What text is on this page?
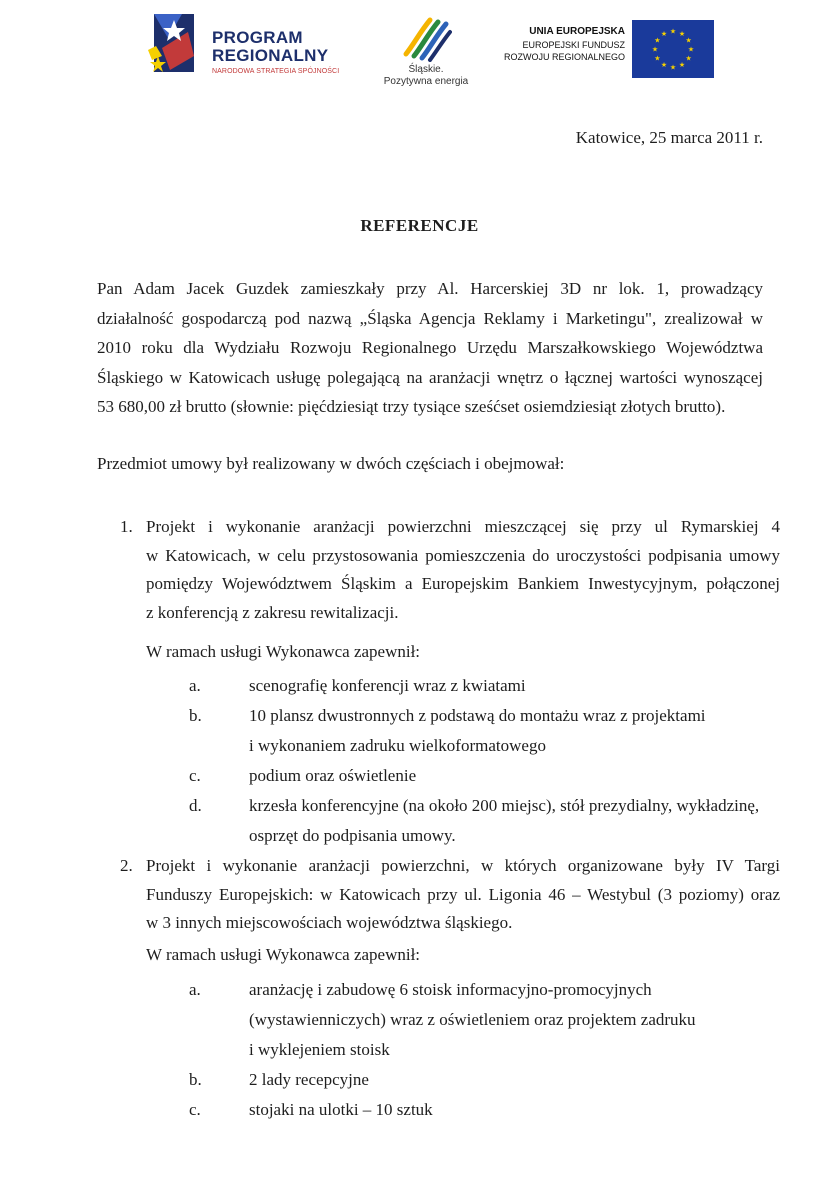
PROGRAM
REGIONALNY
NARODOWA STRATEGIA SPÓJNOŚCI	Śląskie.
Pozytywna energia
UNIA EUROPEJSKA
EUROPEJSKI FUNDUSZ
ROZWOJU REGIONALNEGO
★
★
★
★
★
★
★
★
★ ★ ★
★
Katowice, 25 marca 2011 r.
REFERENCJE
Pan Adam Jacek Guzdek zamieszkały przy Al. Harcerskiej 3D nr lok. 1, prowadzący
działalność gospodarczą pod nazwą „Śląska Agencja Reklamy i Marketingu", zrealizował w
2010 roku dla Wydziału Rozwoju Regionalnego Urzędu Marszałkowskiego Województwa
Śląskiego w Katowicach usługę polegającą na aranżacji wnętrz o łącznej wartości wynoszącej
53 680,00 zł brutto (słownie: pięćdziesiąt trzy tysiące sześćset osiemdziesiąt złotych brutto).
Przedmiot umowy był realizowany w dwóch częściach i obejmował:
1. Projekt i wykonanie aranżacji powierzchni mieszczącej się przy ul Rymarskiej 4
w Katowicach, w celu przystosowania pomieszczenia do uroczystości podpisania umowy
pomiędzy Województwem Śląskim a Europejskim Bankiem Inwestycyjnym, połączonej
z konferencją z zakresu rewitalizacji.
W ramach usługi Wykonawca zapewnił:
a.	scenografię konferencji wraz z kwiatami
b.	10 plansz dwustronnych z podstawą do montażu wraz z projektami
i wykonaniem zadruku wielkoformatowego
c.	podium oraz oświetlenie
d.	krzesła konferencyjne (na około 200 miejsc), stół prezydialny, wykładzinę,
osprzęt do podpisania umowy.
2. Projekt i wykonanie aranżacji powierzchni, w których organizowane były IV Targi
Funduszy Europejskich: w Katowicach przy ul. Ligonia 46 – Westybul (3 poziomy) oraz
w 3 innych miejscowościach województwa śląskiego.
W ramach usługi Wykonawca zapewnił:
a.	aranżację i zabudowę 6 stoisk informacyjno-promocyjnych
(wystawienniczych) wraz z oświetleniem oraz projektem zadruku
i wyklejeniem stoisk
b.	2 lady recepcyjne
c.	stojaki na ulotki – 10 sztuk
